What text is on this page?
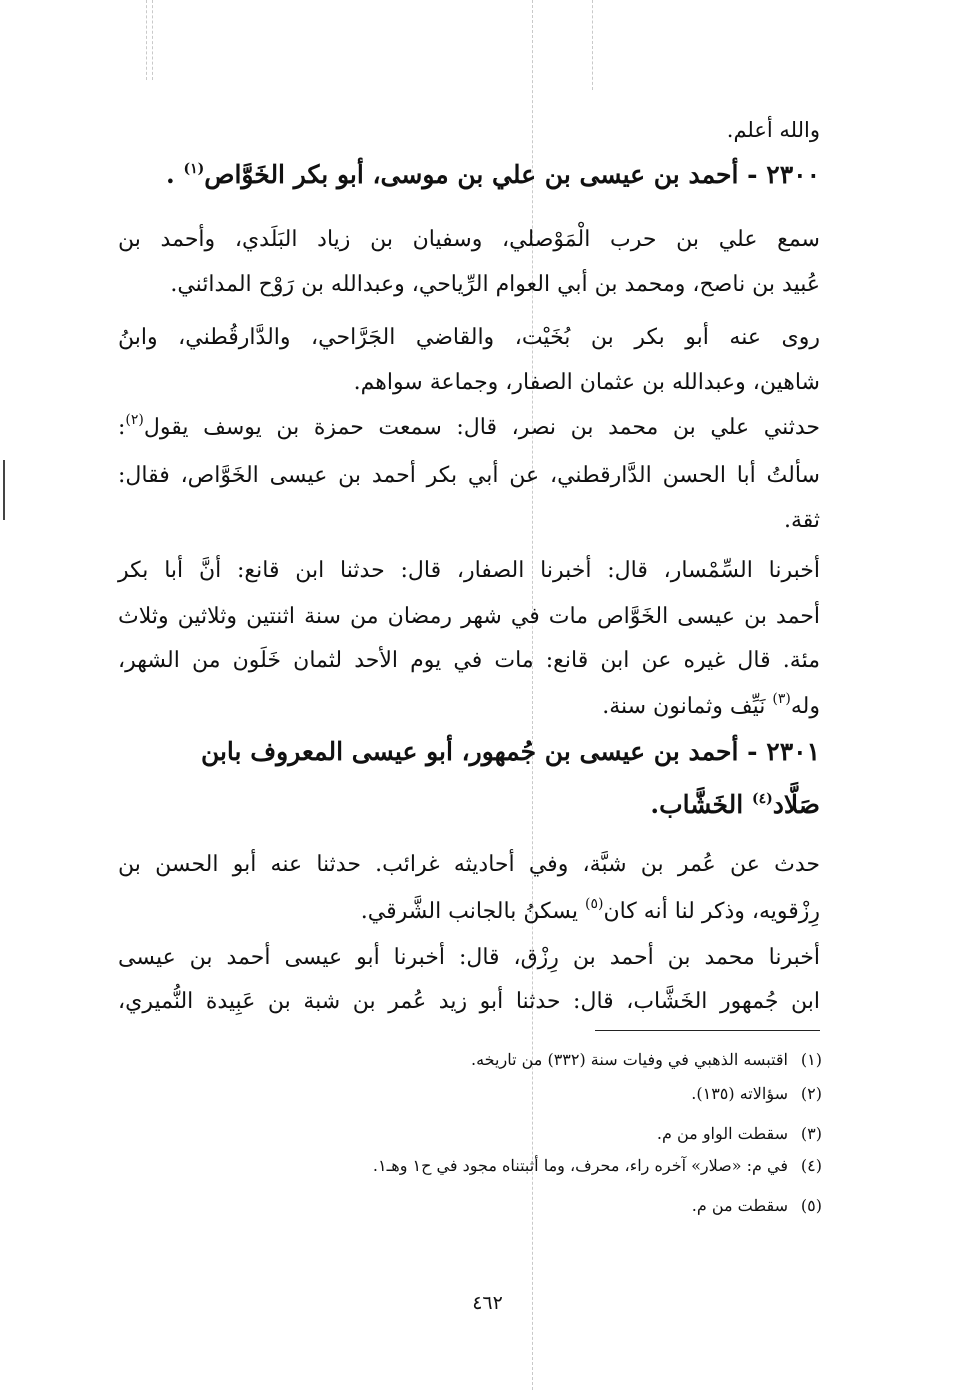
والله أعلم.
٢٣٠٠ - أحمد بن عيسى بن علي بن موسى، أبو بكر الخَوَّاص$^{(١)}$ .
سمع علي بن حرب الْمَوْصلي، وسفيان بن زياد البَلَدي، وأحمد بن
عُبيد بن ناصح، ومحمد بن أبي العوام الرِّياحي، وعبدالله بن رَوْح المدائني.
روى عنه أبو بكر بن بُخَيْت، والقاضي الجَرَّاحي، والدَّارقُطني، وابنُ
شاهين، وعبدالله بن عثمان الصفار، وجماعة سواهم.
حدثني علي بن محمد بن نصر، قال: سمعت حمزة بن يوسف يقول$^{(٢)}$:
سألتُ أبا الحسن الدَّارقطني، عن أبي بكر أحمد بن عيسى الخَوَّاص، فقال:
ثقة.
أخبرنا السِّمْسار، قال: أخبرنا الصفار، قال: حدثنا ابن قانع: أنَّ أبا بكر
أحمد بن عيسى الخَوَّاص مات في شهر رمضان من سنة اثنتين وثلاثين وثلاث
مئة. قال غيره عن ابن قانع: مات في يوم الأحد لثمان خَلَون من الشهر،
وله$^{(٣)}$ نَيِّف وثمانون سنة.
٢٣٠١ - أحمد بن عيسى بن جُمهور، أبو عيسى المعروف بابن
صَلَّاد$^{(٤)}$ الخَشَّاب.
حدث عن عُمر بن شبَّة، وفي أحاديثه غرائب. حدثنا عنه أبو الحسن بن
رِزْقويه، وذكر لنا أنه كان$^{(٥)}$ يسكنُ بالجانب الشَّرقي.
أخبرنا محمد بن أحمد بن رِزْق، قال: أخبرنا أبو عيسى أحمد بن عيسى
ابن جُمهور الخَشَّاب، قال: حدثنا أبو زيد عُمر بن شبة بن عَبِيدة النُّميري،
(١)اقتبسه الذهبي في وفيات سنة (٣٣٢) من تاريخه.
(٢)سؤالاته (١٣٥).
(٣)سقطت الواو من م.
(٤)في م: «صلار» آخره راء، محرف، وما أثبتناه مجود في ح١ وهـ١.
(٥)سقطت من م.
٤٦٢
